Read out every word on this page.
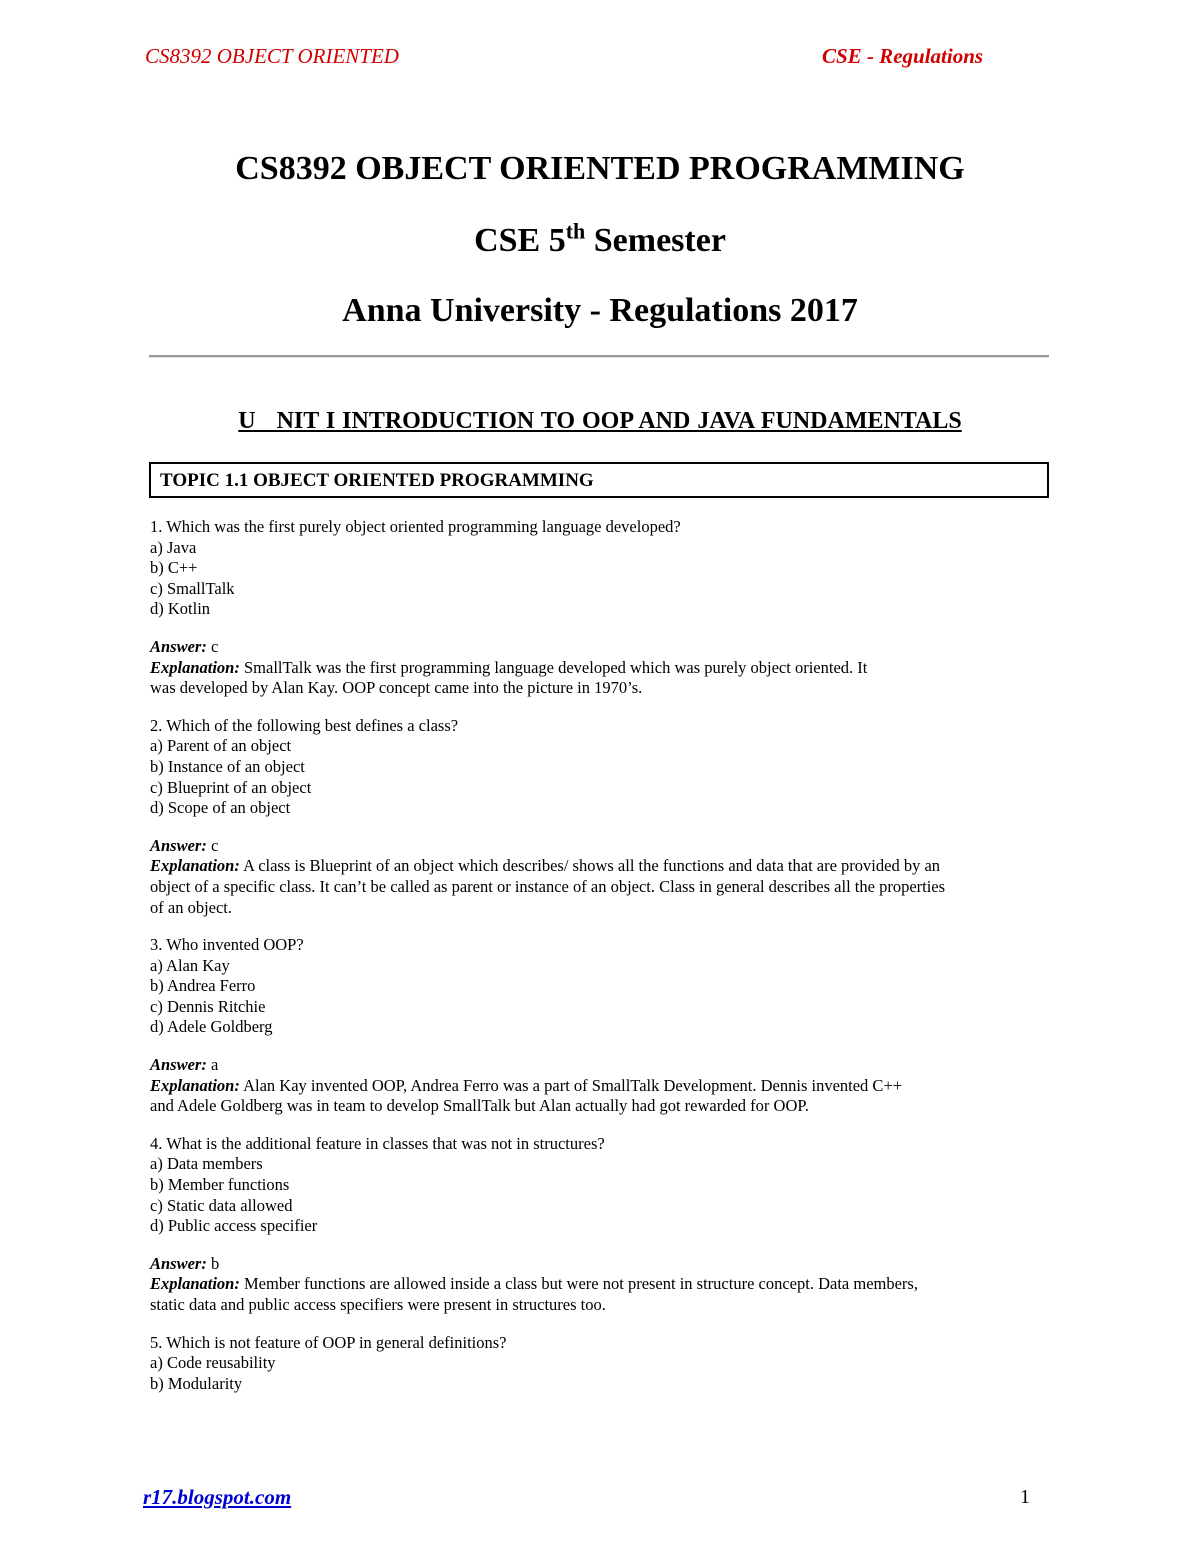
CS8392 OBJECT ORIENTED	CSE - Regulations
CS8392 OBJECT ORIENTED PROGRAMMING
CSE 5th Semester
Anna University - Regulations 2017
U   NIT I INTRODUCTION TO OOP AND JAVA FUNDAMENTALS
TOPIC 1.1 OBJECT ORIENTED PROGRAMMING

1. Which was the first purely object oriented programming language developed?

a) Java

b) C++

c) SmallTalk

d) Kotlin

Answer: c

Explanation: SmallTalk was the first programming language developed which was purely object oriented. It

was developed by Alan Kay. OOP concept came into the picture in 1970’s.

2. Which of the following best defines a class?

a) Parent of an object

b) Instance of an object

c) Blueprint of an object

d) Scope of an object

Answer: c

Explanation: A class is Blueprint of an object which describes/ shows all the functions and data that are provided by an

object of a specific class. It can’t be called as parent or instance of an object. Class in general describes all the properties

of an object.

3. Who invented OOP?

a) Alan Kay

b) Andrea Ferro

c) Dennis Ritchie

d) Adele Goldberg

Answer: a

Explanation: Alan Kay invented OOP, Andrea Ferro was a part of SmallTalk Development. Dennis invented C++

and Adele Goldberg was in team to develop SmallTalk but Alan actually had got rewarded for OOP.

4. What is the additional feature in classes that was not in structures?

a) Data members

b) Member functions

c) Static data allowed

d) Public access specifier

Answer: b

Explanation: Member functions are allowed inside a class but were not present in structure concept. Data members,

static data and public access specifiers were present in structures too.

5. Which is not feature of OOP in general definitions?

a) Code reusability

b) Modularity

r17.blogspot.com	1
